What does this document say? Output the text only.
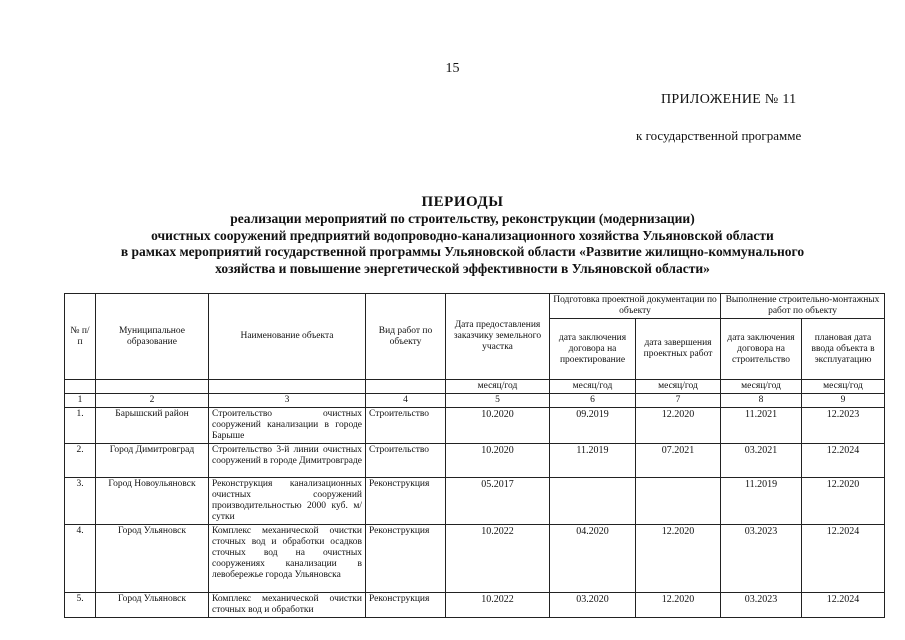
15
ПРИЛОЖЕНИЕ № 11
к государственной программе
ПЕРИОДЫ
реализации мероприятий по строительству, реконструкции (модернизации)
очистных сооружений предприятий водопроводно-канализационного хозяйства Ульяновской области
в рамках мероприятий государственной программы Ульяновской области «Развитие жилищно-коммунального
хозяйства и повышение энергетической эффективности в Ульяновской области»
№ п/п	Муниципальное образование	Наименование объекта	Вид работ по объекту	Дата предоставления заказчику земельного участка	Подготовка проектной документации по объекту		Выполнение строительно-монтажных работ по объекту	
					дата заключения договора на проектирование	дата завершения проектных работ	дата заключения договора на строительство	плановая дата ввода объекта в эксплуатацию
				месяц/год	месяц/год	месяц/год	месяц/год	месяц/год
1	2	3	4	5	6	7	8	9
1.	Барышский район	Строительство очистных сооружений канализации в городе Барыше	Строительство	10.2020	09.2019	12.2020	11.2021	12.2023
2.	Город Димитровград	Строительство 3-й линии очистных сооружений в городе Димитровграде	Строительство	10.2020	11.2019	07.2021	03.2021	12.2024
3.	Город Новоульяновск	Реконструкция канализационных очистных сооружений производительностью 2000 куб. м/сутки	Реконструкция	05.2017			11.2019	12.2020
4.	Город Ульяновск	Комплекс механической очистки сточных вод и обработки осадков сточных вод на очистных сооружениях канализации в левобережье города Ульяновска	Реконструкция	10.2022	04.2020	12.2020	03.2023	12.2024
5.	Город Ульяновск	Комплекс механической очистки сточных вод и обработки	Реконструкция	10.2022	03.2020	12.2020	03.2023	12.2024
